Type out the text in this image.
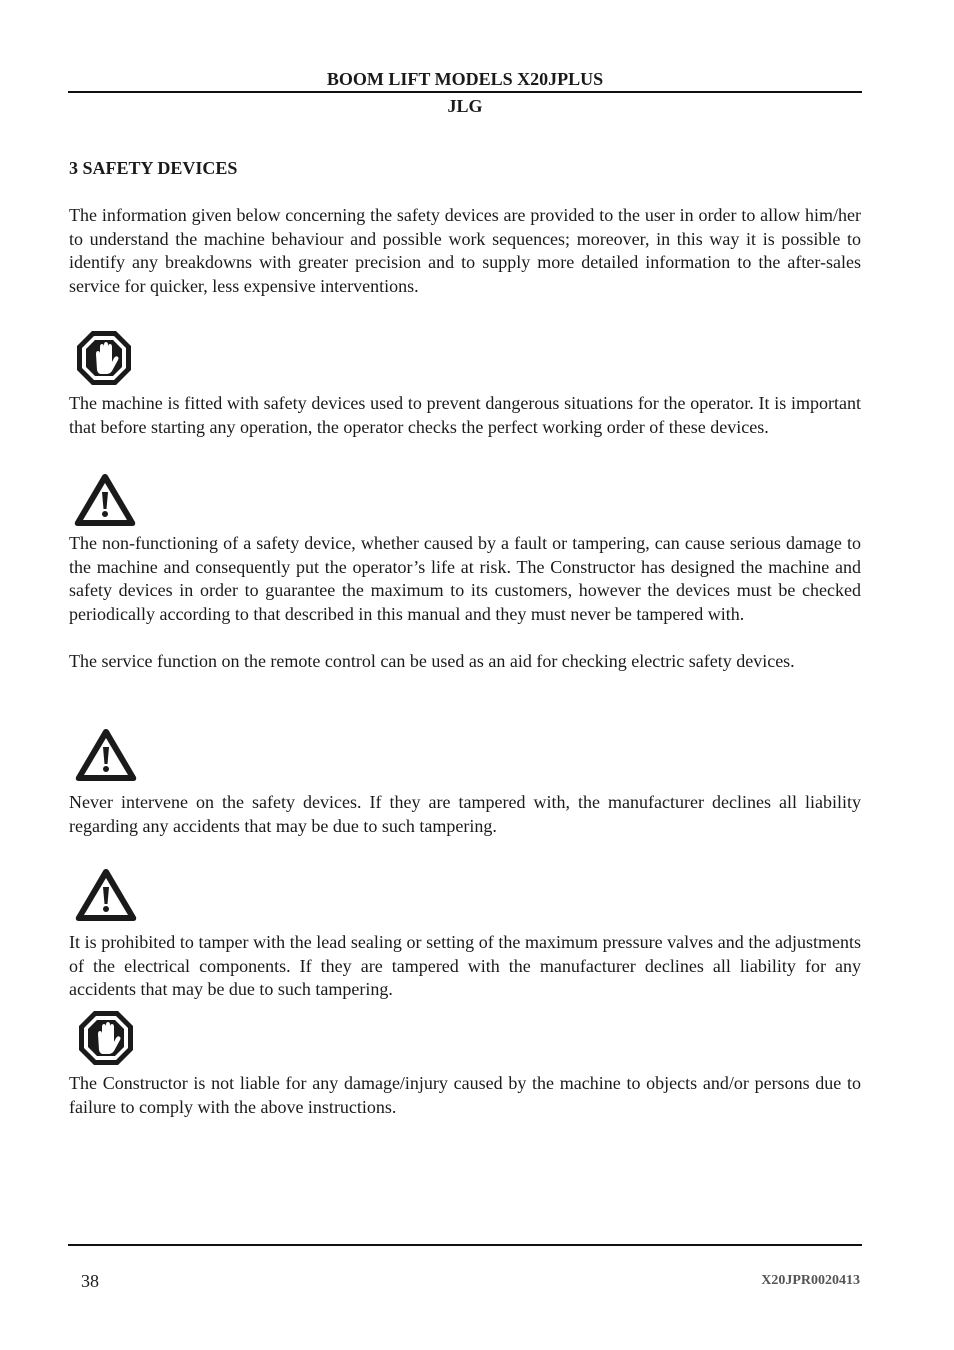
BOOM LIFT MODELS X20JPLUS
JLG
3 SAFETY DEVICES
The information given below concerning the safety devices are provided to the user in order to allow him/her to understand the machine behaviour and possible work sequences; moreover, in this way it is possible to identify any breakdowns with greater precision and to supply more detailed information to the after-sales service for quicker, less expensive interventions.
The machine is fitted with safety devices used to prevent dangerous situations for the operator. It is important that before starting any operation, the operator checks the perfect working order of these devices.
The non-functioning of a safety device, whether caused by a fault or tampering, can cause serious damage to the machine and consequently put the operator’s life at risk. The Constructor has designed the machine and safety devices in order to guarantee the maximum to its customers, however the devices must be checked periodically according to that described in this manual and they must never be tampered with.
The service function on the remote control can be used as an aid for checking electric safety devices.
Never intervene on the safety devices. If they are tampered with, the manufacturer declines all liability regarding any accidents that may be due to such tampering.
It is prohibited to tamper with the lead sealing or setting of the maximum pressure valves and the adjustments of the electrical components. If they are tampered with the manufacturer declines all liability for any accidents that may be due to such tampering.
The Constructor is not liable for any damage/injury caused by the machine to objects and/or persons due to failure to comply with the above instructions.
38	X20JPR0020413
